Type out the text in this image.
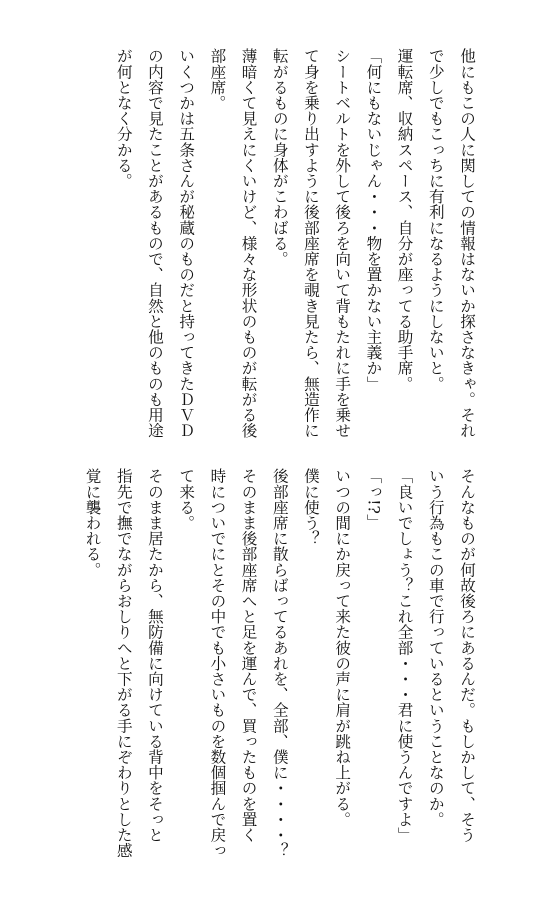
他にもこの人に関しての情報はないか探さなきゃ。それ
で少しでもこっちに有利になるようにしないと。
運転席、収納スペース、自分が座ってる助手席。
「何にもないじゃん・・・物を置かない主義か」
シートベルトを外して後ろを向いて背もたれに手を乗せ
て身を乗り出すように後部座席を覗き見たら、無造作に
転がるものに身体がこわばる。
薄暗くて見えにくいけど、様々な形状のものが転がる後
部座席。
いくつかは五条さんが秘蔵のものだと持ってきたＤＶＤ
の内容で見たことがあるもので、自然と他のものも用途
が何となく分かる。
そんなものが何故後ろにあるんだ。もしかして、そう
いう行為もこの車で行っているということなのか。
「良いでしょう？これ全部・・・君に使うんですよ」
「っ!?」
いつの間にか戻って来た彼の声に肩が跳ね上がる。
僕に使う？
後部座席に散らばってるあれを、全部、僕に・・・・？
そのまま後部座席へと足を運んで、買ったものを置く
時についでにとその中でも小さいものを数個掴んで戻っ
て来る。
そのまま居たから、無防備に向けている背中をそっと
指先で撫でながらおしりへと下がる手にぞわりとした感
覚に襲われる。
